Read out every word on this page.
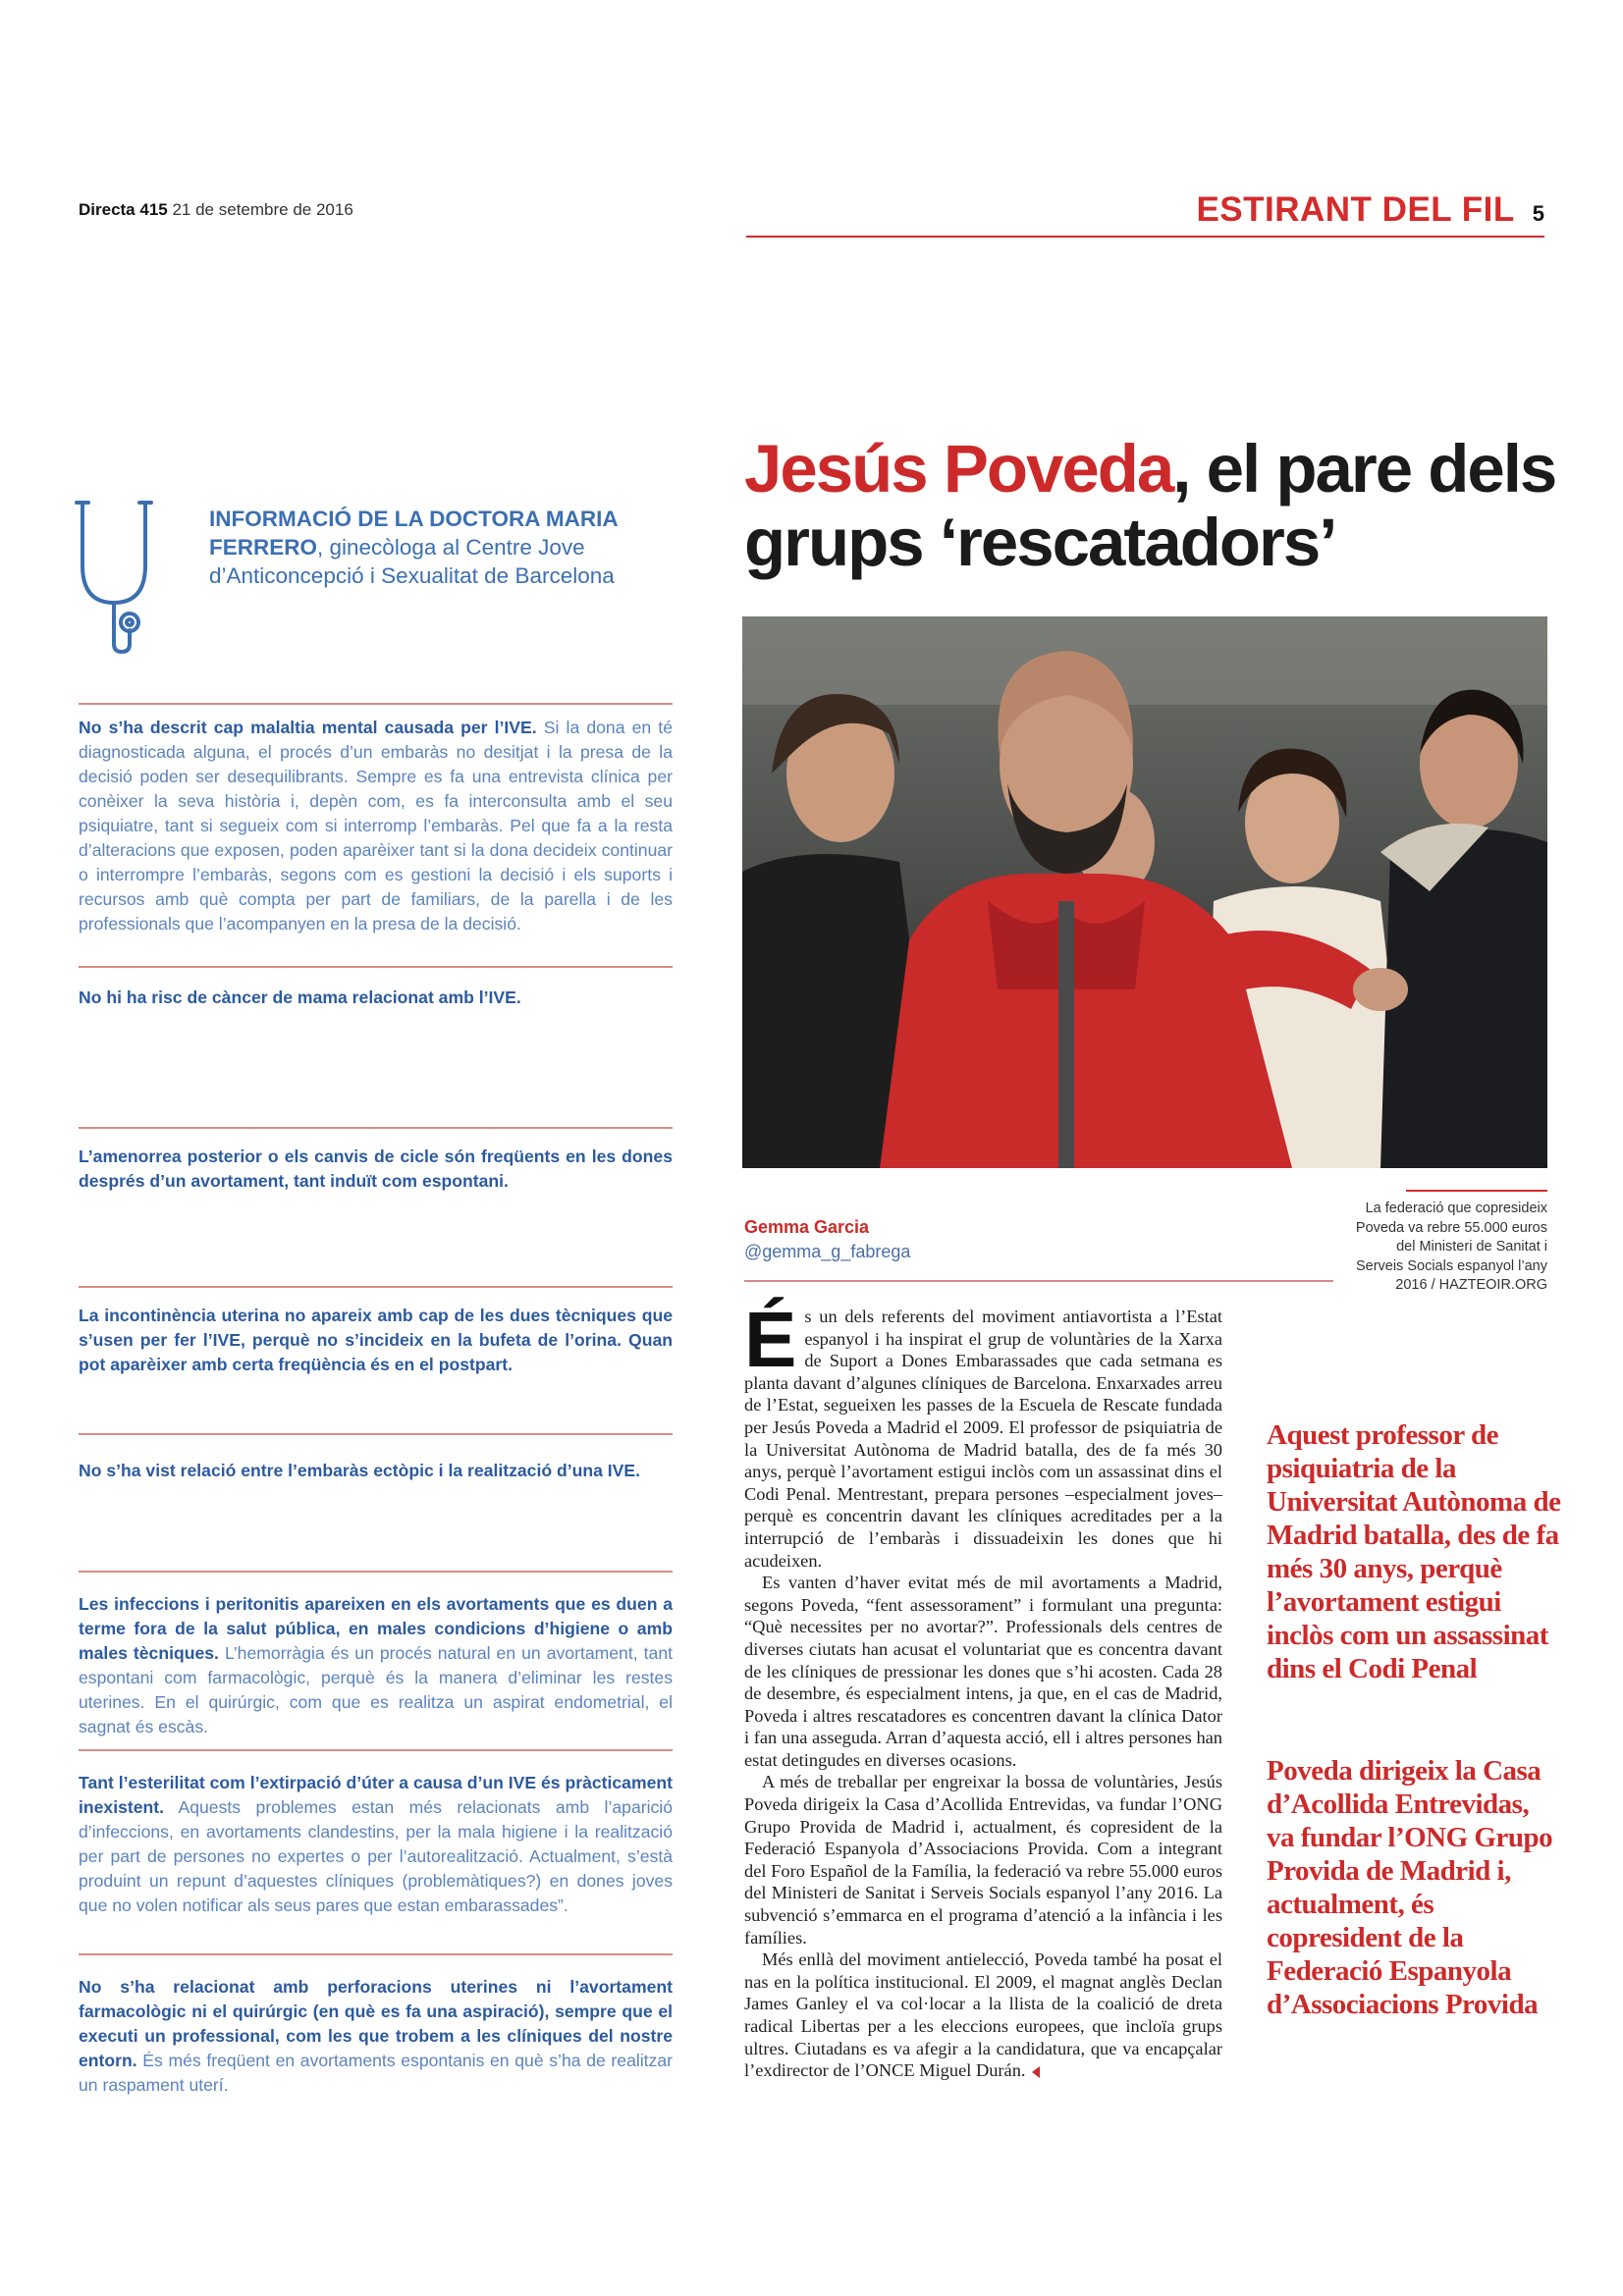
Directa 415 21 de setembre de 2016	ESTIRANT DEL FIL 5
INFORMACIÓ DE LA DOCTORA MARIA FERRERO, ginecòloga al Centre Jove d’Anticoncepció i Sexualitat de Barcelona
No s’ha descrit cap malaltia mental causada per l’IVE. Si la dona en té diagnosticada alguna, el procés d’un embaràs no desitjat i la presa de la decisió poden ser desequilibrants. Sempre es fa una entrevista clínica per conèixer la seva història i, depèn com, es fa interconsulta amb el seu psiquiatre, tant si segueix com si interromp l’embaràs. Pel que fa a la resta d’alteracions que exposen, poden aparèixer tant si la dona decideix continuar o interrompre l’embaràs, segons com es gestioni la decisió i els suports i recursos amb què compta per part de familiars, de la parella i de les professionals que l’acompanyen en la presa de la decisió.
No hi ha risc de càncer de mama relacionat amb l’IVE.
L’amenorrea posterior o els canvis de cicle són freqüents en les dones després d’un avortament, tant induït com espontani.
La incontinència uterina no apareix amb cap de les dues tècniques que s’usen per fer l’IVE, perquè no s’incideix en la bufeta de l’orina. Quan pot aparèixer amb certa freqüència és en el postpart.
No s’ha vist relació entre l’embaràs ectòpic i la realització d’una IVE.
Les infeccions i peritonitis apareixen en els avortaments que es duen a terme fora de la salut pública, en males condicions d’higiene o amb males tècniques. L’hemorràgia és un procés natural en un avortament, tant espontani com farmacològic, perquè és la manera d’eliminar les restes uterines. En el quirúrgic, com que es realitza un aspirat endometrial, el sagnat és escàs.
Tant l’esterilitat com l’extirpació d’úter a causa d’un IVE és pràcticament inexistent. Aquests problemes estan més relacionats amb l’aparició d’infeccions, en avortaments clandestins, per la mala higiene i la realització per part de persones no expertes o per l’autorealització. Actualment, s’està produint un repunt d’aquestes clíniques (problemàtiques?) en dones joves que no volen notificar als seus pares que estan embarassades”.
No s’ha relacionat amb perforacions uterines ni l’avortament farmacològic ni el quirúrgic (en què es fa una aspiració), sempre que el executi un professional, com les que trobem a les clíniques del nostre entorn. És més freqüent en avortaments espontanis en què s’ha de realitzar un raspament uterí.
Jesús Poveda, el pare dels grups ‘rescatadors’
La federació que copresideix Poveda va rebre 55.000 euros del Ministeri de Sanitat i Serveis Socials espanyol l’any 2016 / HAZTEOIR.ORG
Gemma Garcia
@gemma_g_fabrega

És un dels referents del moviment antiavortista a l’Estat espanyol i ha inspirat el grup de voluntàries de la Xarxa de Suport a Dones Embarassades que cada setmana es planta davant d’algunes clíniques de Barcelona. Enxarxades arreu de l’Estat, segueixen les passes de la Escuela de Rescate fundada per Jesús Poveda a Madrid el 2009. El professor de psiquiatria de la Universitat Autònoma de Madrid batalla, des de fa més 30 anys, perquè l’avortament estigui inclòs com un assassinat dins el Codi Penal. Mentrestant, prepara persones –especialment joves– perquè es concentrin davant les clíniques acreditades per a la interrupció de l’embaràs i dissuadeixin les dones que hi acudeixen.

Es vanten d’haver evitat més de mil avortaments a Madrid, segons Poveda, “fent assessorament” i formulant una pregunta: “Què necessites per no avortar?”. Professionals dels centres de diverses ciutats han acusat el voluntariat que es concentra davant de les clíniques de pressionar les dones que s’hi acosten. Cada 28 de desembre, és especialment intens, ja que, en el cas de Madrid, Poveda i altres rescatadores es concentren davant la clínica Dator i fan una asseguda. Arran d’aquesta acció, ell i altres persones han estat detingudes en diverses ocasions.

A més de treballar per engreixar la bossa de voluntàries, Jesús Poveda dirigeix la Casa d’Acollida Entrevidas, va fundar l’ONG Grupo Provida de Madrid i, actualment, és copresident de la Federació Espanyola d’Associacions Provida. Com a integrant del Foro Español de la Família, la federació va rebre 55.000 euros del Ministeri de Sanitat i Serveis Socials espanyol l’any 2016. La subvenció s’emmarca en el programa d’atenció a la infància i les famílies.

Més enllà del moviment antielecció, Poveda també ha posat el nas en la política institucional. El 2009, el magnat anglès Declan James Ganley el va col·locar a la llista de la coalició de dreta radical Libertas per a les eleccions europees, que incloïa grups ultres. Ciutadans es va afegir a la candidatura, que va encapçalar l’exdirector de l’ONCE Miguel Durán.

Aquest professor de psiquiatria de la Universitat Autònoma de Madrid batalla, des de fa més 30 anys, perquè l’avortament estigui inclòs com un assassinat dins el Codi Penal
Poveda dirigeix la Casa d’Acollida Entrevidas, va fundar l’ONG Grupo Provida de Madrid i, actualment, és copresident de la Federació Espanyola d’Associacions Provida
